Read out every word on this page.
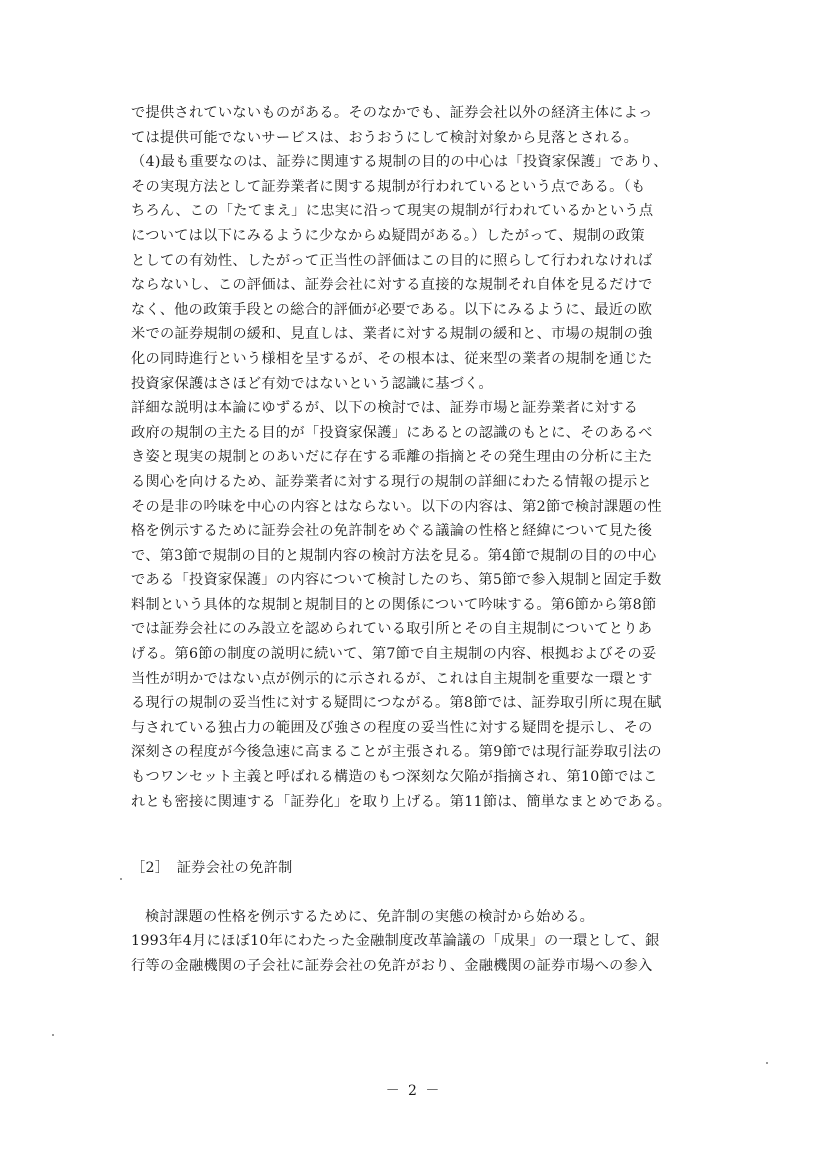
で提供されていないものがある。そのなかでも、証券会社以外の経済主体によっ
ては提供可能でないサービスは、おうおうにして検討対象から見落とされる。
（4)最も重要なのは、証券に関連する規制の目的の中心は「投資家保護」であり、
その実現方法として証券業者に関する規制が行われているという点である。（も
ちろん、この「たてまえ」に忠実に沿って現実の規制が行われているかという点
については以下にみるように少なからぬ疑問がある。）したがって、規制の政策
としての有効性、したがって正当性の評価はこの目的に照らして行われなければ
ならないし、この評価は、証券会社に対する直接的な規制それ自体を見るだけで
なく、他の政策手段との総合的評価が必要である。以下にみるように、最近の欧
米での証券規制の緩和、見直しは、業者に対する規制の緩和と、市場の規制の強
化の同時進行という様相を呈するが、その根本は、従来型の業者の規制を通じた
投資家保護はさほど有効ではないという認識に基づく。
詳細な説明は本論にゆずるが、以下の検討では、証券市場と証券業者に対する
政府の規制の主たる目的が「投資家保護」にあるとの認識のもとに、そのあるべ
き姿と現実の規制とのあいだに存在する乖離の指摘とその発生理由の分析に主た
る関心を向けるため、証券業者に対する現行の規制の詳細にわたる情報の提示と
その是非の吟味を中心の内容とはならない。以下の内容は、第2節で検討課題の性
格を例示するために証券会社の免許制をめぐる議論の性格と経緯について見た後
で、第3節で規制の目的と規制内容の検討方法を見る。第4節で規制の目的の中心
である「投資家保護」の内容について検討したのち、第5節で参入規制と固定手数
料制という具体的な規制と規制目的との関係について吟味する。第6節から第8節
では証券会社にのみ設立を認められている取引所とその自主規制についてとりあ
げる。第6節の制度の説明に続いて、第7節で自主規制の内容、根拠およびその妥
当性が明かではない点が例示的に示されるが、これは自主規制を重要な一環とす
る現行の規制の妥当性に対する疑問につながる。第8節では、証券取引所に現在賦
与されている独占力の範囲及び強さの程度の妥当性に対する疑問を提示し、その
深刻さの程度が今後急速に高まることが主張される。第9節では現行証券取引法の
もつワンセット主義と呼ばれる構造のもつ深刻な欠陥が指摘され、第10節ではこ
れとも密接に関連する「証券化」を取り上げる。第11節は、簡単なまとめである。
［2］　証券会社の免許制
検討課題の性格を例示するために、免許制の実態の検討から始める。
1993年4月にほぼ10年にわたった金融制度改革論議の「成果」の一環として、銀
行等の金融機関の子会社に証券会社の免許がおり、金融機関の証券市場への参入
－ 2 －
